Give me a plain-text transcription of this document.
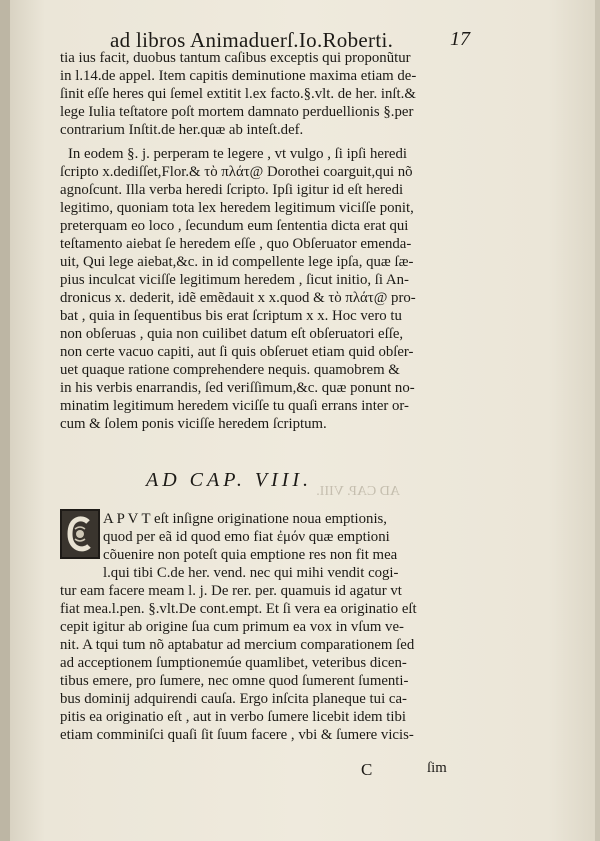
ad libros Animaduerſ.Io.Roberti.	17
tia ius facit, duobus tantum caſibus exceptis qui proponũtur
in l.14.de appel. Item capitis deminutione maxima etiam de-
ſinit eſſe heres qui ſemel extitit l.ex facto.§.vlt. de her. inſt.&
lege Iulia teſtatore poſt mortem damnato perduellionis §.per
contrarium Inſtit.de her.quæ ab inteſt.def.
In eodem §. j. perperam te legere , vt vulgo , ſi ipſi heredi
ſcripto x.dediſſet,Flor.& τὸ πλάτ@ Dorothei coarguit,qui nõ
agnoſcunt. Illa verba heredi ſcripto. Ipſi igitur id eſt heredi
legitimo, quoniam tota lex heredem legitimum viciſſe ponit,
preterquam eo loco , ſecundum eum ſententia dicta erat qui
teſtamento aiebat ſe heredem eſſe , quo Obſeruator emenda-
uit, Qui lege aiebat,&c. in id compellente lege ipſa, quæ ſæ-
pius inculcat viciſſe legitimum heredem , ſicut initio, ſi An-
dronicus x. dederit, idẽ emẽdauit x x.quod & τὸ πλάτ@ pro-
bat , quia in ſequentibus bis erat ſcriptum x x. Hoc vero tu
non obſeruas , quia non cuilibet datum eſt obſeruatori eſſe,
non certe vacuo capiti, aut ſi quis obſeruet etiam quid obſer-
uet quaque ratione comprehendere nequis. quamobrem &
in his verbis enarrandis, ſed veriſſimum,&c. quæ ponunt no-
minatim legitimum heredem viciſſe tu quaſi errans inter or-
cum & ſolem ponis viciſſe heredem ſcriptum.
AD CAP. VIII.
AD CAP. VIII.
A P V T eſt inſigne originatione noua emptionis,
quod per eã id quod emo fiat ἐμόν quæ emptioni
cõuenire non poteſt quia emptione res non fit mea
l.qui tibi C.de her. vend. nec qui mihi vendit cogi-
tur eam facere meam l. j. De rer. per. quamuis id agatur vt
fiat mea.l.pen. §.vlt.De cont.empt. Et ſi vera ea originatio eſt
cepit igitur ab origine ſua cum primum ea vox in vſum ve-
nit. A tqui tum nõ aptabatur ad mercium comparationem ſed
ad acceptionem ſumptionemúe quamlibet, veteribus dicen-
tibus emere, pro ſumere, nec omne quod ſumerent ſumenti-
bus dominij adquirendi cauſa. Ergo inſcita planeque tui ca-
pitis ea originatio eſt , aut in verbo ſumere licebit idem tibi
etiam comminiſci quaſi ſit ſuum facere , vbi & ſumere vicis-
C	ſim
